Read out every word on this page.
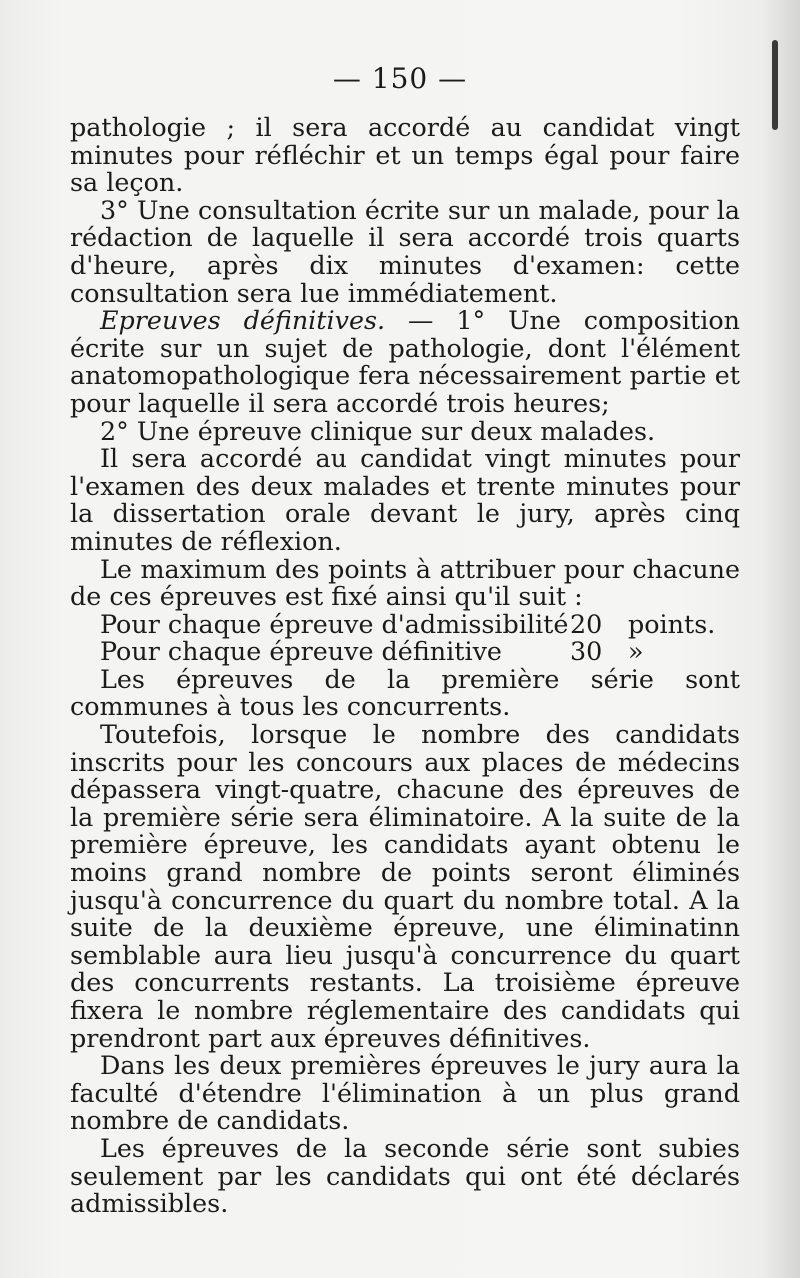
— 150 —

pathologie ; il sera accordé au candidat vingt minutes pour réfléchir et un temps égal pour faire sa leçon.

3° Une consultation écrite sur un malade, pour la rédaction de laquelle il sera accordé trois quarts d'heure, après dix minutes d'examen: cette consultation sera lue immédiatement.

Epreuves définitives. — 1° Une composition écrite sur un sujet de pathologie, dont l'élément anatomopathologique fera nécessairement partie et pour laquelle il sera accordé trois heures;

2° Une épreuve clinique sur deux malades.

Il sera accordé au candidat vingt minutes pour l'examen des deux malades et trente minutes pour la dissertation orale devant le jury, après cinq minutes de réflexion.

Le maximum des points à attribuer pour chacune de ces épreuves est fixé ainsi qu'il suit :

Pour chaque épreuve d'admissibilité 20	points.
Pour chaque épreuve définitive	30	»

Les épreuves de la première série sont communes à tous les concurrents.

Toutefois, lorsque le nombre des candidats inscrits pour les concours aux places de médecins dépassera vingt-quatre, chacune des épreuves de la première série sera éliminatoire. A la suite de la première épreuve, les candidats ayant obtenu le moins grand nombre de points seront éliminés jusqu'à concurrence du quart du nombre total. A la suite de la deuxième épreuve, une éliminatinn semblable aura lieu jusqu'à concurrence du quart des concurrents restants. La troisième épreuve fixera le nombre réglementaire des candidats qui prendront part aux épreuves définitives.

Dans les deux premières épreuves le jury aura la faculté d'étendre l'élimination à un plus grand nombre de candidats.

Les épreuves de la seconde série sont subies seulement par les candidats qui ont été déclarés admissibles.
